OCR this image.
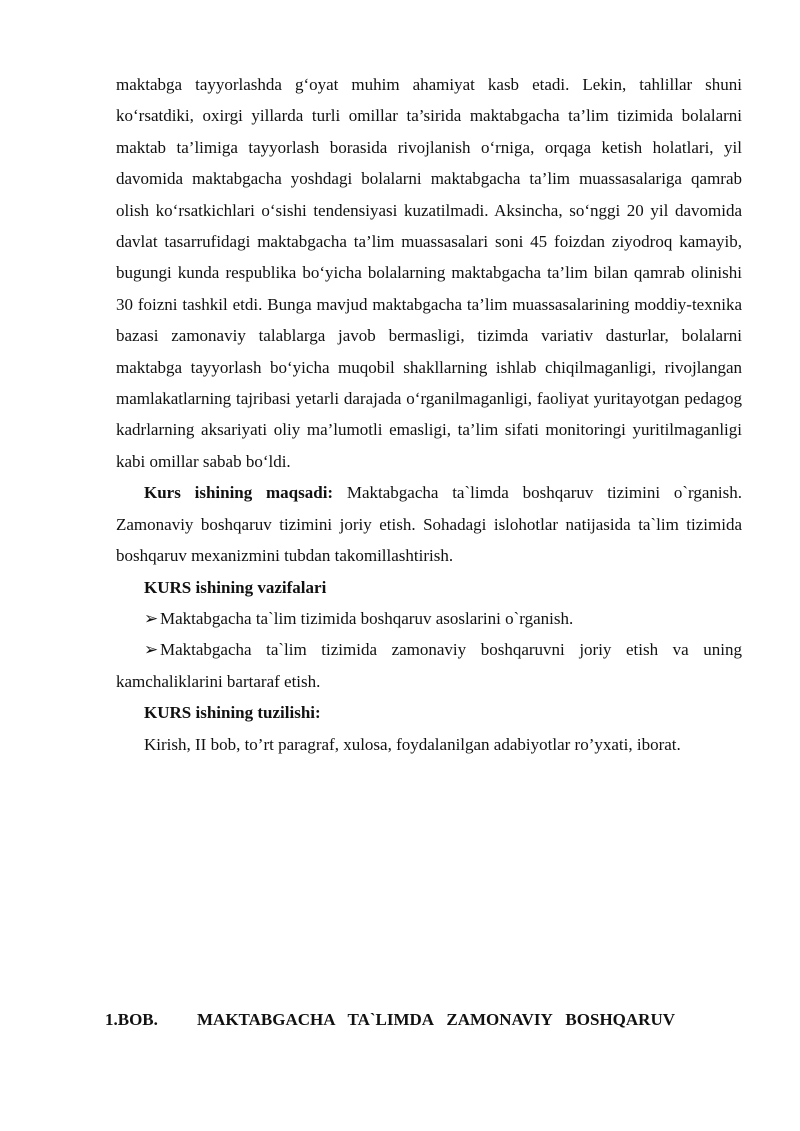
maktabga tayyorlashda g‘oyat muhim ahamiyat kasb etadi. Lekin, tahlillar shuni ko‘rsatdiki, oxirgi yillarda turli omillar ta’sirida maktabgacha ta’lim tizimida bolalarni maktab ta’limiga tayyorlash borasida rivojlanish o‘rniga, orqaga ketish holatlari, yil davomida maktabgacha yoshdagi bolalarni maktabgacha ta’lim muassasalariga qamrab olish ko‘rsatkichlari o‘sishi tendensiyasi kuzatilmadi. Aksincha, so‘nggi 20 yil davomida davlat tasarrufidagi maktabgacha ta’lim muassasalari soni 45 foizdan ziyodroq kamayib, bugungi kunda respublika bo‘yicha bolalarning maktabgacha ta’lim bilan qamrab olinishi 30 foizni tashkil etdi. Bunga mavjud maktabgacha ta’lim muassasalarining moddiy-texnika bazasi zamonaviy talablarga javob bermasligi, tizimda variativ dasturlar, bolalarni maktabga tayyorlash bo‘yicha muqobil shakllarning ishlab chiqilmaganligi, rivojlangan mamlakatlarning tajribasi yetarli darajada o‘rganilmaganligi, faoliyat yuritayotgan pedagog kadrlarning aksariyati oliy ma’lumotli emasligi, ta’lim sifati monitoringi yuritilmaganligi kabi omillar sabab bo‘ldi.

Kurs ishining maqsadi: Maktabgacha ta`limda boshqaruv tizimini o`rganish. Zamonaviy boshqaruv tizimini joriy etish. Sohadagi islohotlar natijasida ta`lim tizimida boshqaruv mexanizmini tubdan takomillashtirish.

KURS ishining vazifalari

➢ Maktabgacha ta`lim tizimida boshqaruv asoslarini o`rganish.

➢ Maktabgacha ta`lim tizimida zamonaviy boshqaruvni joriy etish va uning kamchaliklarini bartaraf etish.

KURS ishining tuzilishi:

Kirish, II bob, to’rt paragraf, xulosa, foydalanilgan adabiyotlar ro’yxati, iborat.

1.BOB. MAKTABGACHA TA`LIMDA ZAMONAVIY BOSHQARUV
